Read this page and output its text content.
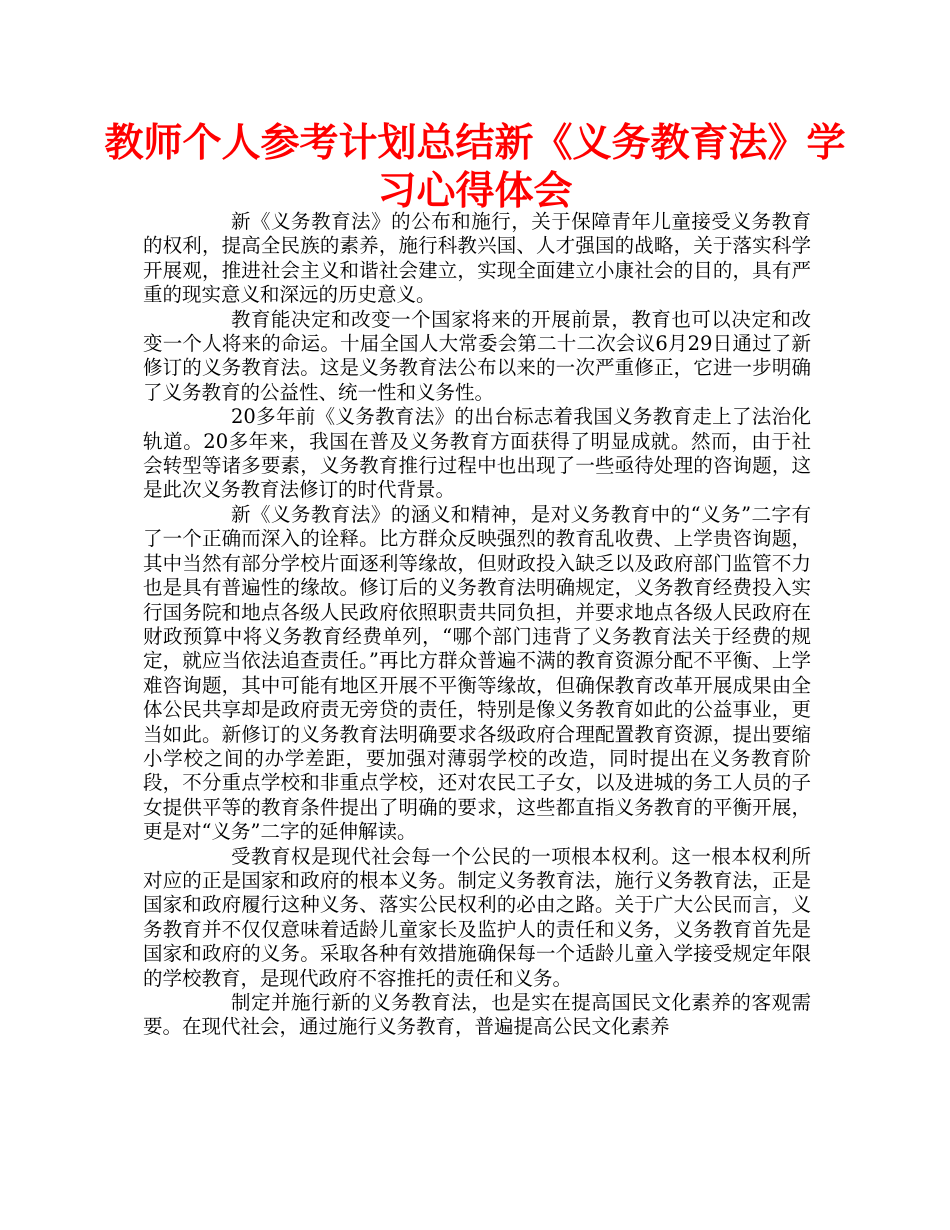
教师个人参考计划总结新《义务教育法》学习心得体会

新《义务教育法》的公布和施行，关于保障青年儿童接受义务教育的权利，提高全民族的素养，施行科教兴国、人才强国的战略，关于落实科学开展观，推进社会主义和谐社会建立，实现全面建立小康社会的目的，具有严重的现实意义和深远的历史意义。

教育能决定和改变一个国家将来的开展前景，教育也可以决定和改变一个人将来的命运。十届全国人大常委会第二十二次会议6月29日通过了新修订的义务教育法。这是义务教育法公布以来的一次严重修正，它进一步明确了义务教育的公益性、统一性和义务性。

20多年前《义务教育法》的出台标志着我国义务教育走上了法治化轨道。20多年来，我国在普及义务教育方面获得了明显成就。然而，由于社会转型等诸多要素，义务教育推行过程中也出现了一些亟待处理的咨询题，这是此次义务教育法修订的时代背景。

新《义务教育法》的涵义和精神，是对义务教育中的“义务”二字有了一个正确而深入的诠释。比方群众反映强烈的教育乱收费、上学贵咨询题，其中当然有部分学校片面逐利等缘故，但财政投入缺乏以及政府部门监管不力也是具有普遍性的缘故。修订后的义务教育法明确规定，义务教育经费投入实行国务院和地点各级人民政府依照职责共同负担，并要求地点各级人民政府在财政预算中将义务教育经费单列，“哪个部门违背了义务教育法关于经费的规定，就应当依法追查责任。”再比方群众普遍不满的教育资源分配不平衡、上学难咨询题，其中可能有地区开展不平衡等缘故，但确保教育改革开展成果由全体公民共享却是政府责无旁贷的责任，特别是像义务教育如此的公益事业，更当如此。新修订的义务教育法明确要求各级政府合理配置教育资源，提出要缩小学校之间的办学差距，要加强对薄弱学校的改造，同时提出在义务教育阶段，不分重点学校和非重点学校，还对农民工子女，以及进城的务工人员的子女提供平等的教育条件提出了明确的要求，这些都直指义务教育的平衡开展，更是对“义务”二字的延伸解读。

受教育权是现代社会每一个公民的一项根本权利。这一根本权利所对应的正是国家和政府的根本义务。制定义务教育法，施行义务教育法，正是国家和政府履行这种义务、落实公民权利的必由之路。关于广大公民而言，义务教育并不仅仅意味着适龄儿童家长及监护人的责任和义务，义务教育首先是国家和政府的义务。采取各种有效措施确保每一个适龄儿童入学接受规定年限的学校教育，是现代政府不容推托的责任和义务。

制定并施行新的义务教育法，也是实在提高国民文化素养的客观需要。在现代社会，通过施行义务教育，普遍提高公民文化素养
